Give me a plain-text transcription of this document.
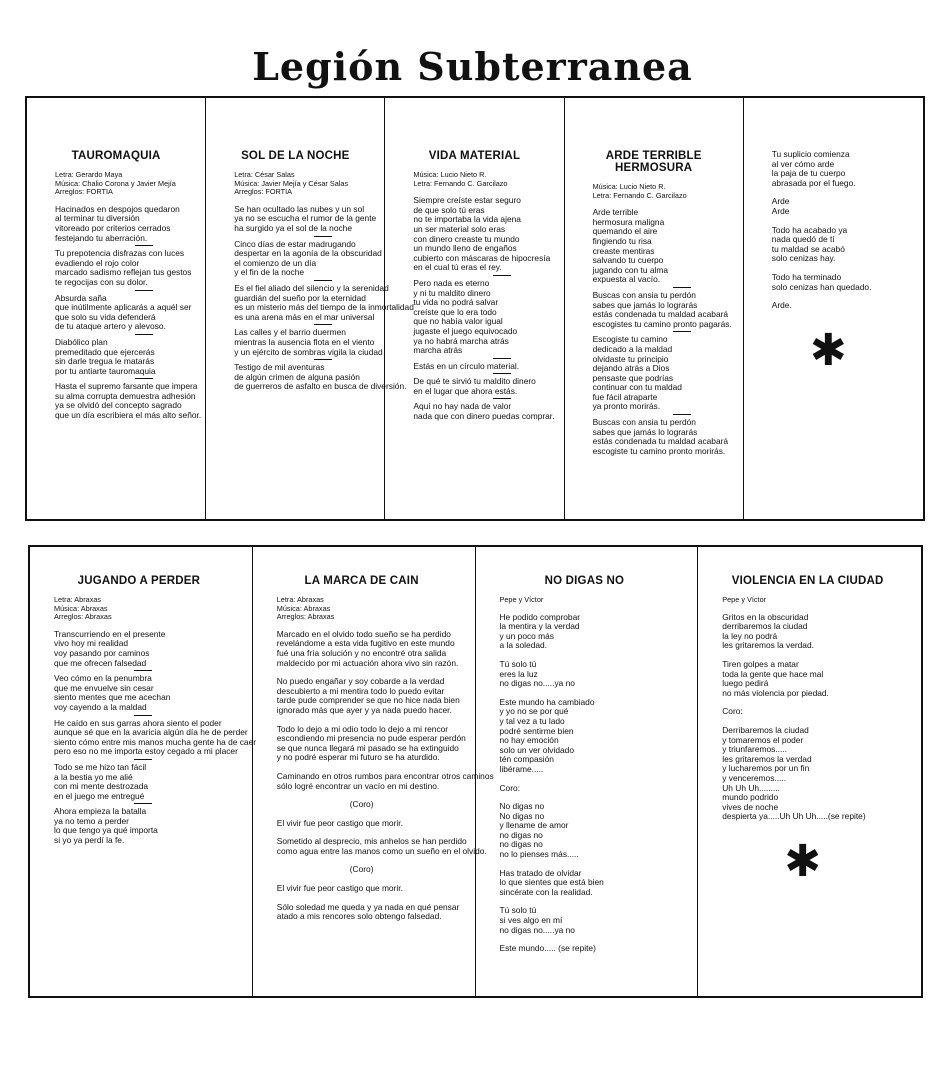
Legión Subterranea
TAUROMAQUIA
Letra: Gerardo Maya
Música: Chalio Corona y Javier Mejía
Arreglos: FORTIA
Hacinados en despojos quedaron
al terminar tu diversión
vitoreado por criterios cerrados
festejando tu aberración.
Tu prepotencia disfrazas con luces
evadiendo el rojo color
marcado sadismo reflejan tus gestos
te regocijas con su dolor.
Absurda saña
que inútilmente aplicarás a aquél ser
que solo su vida defenderá
de tu ataque artero y alevoso.
Diabólico plan
premeditado que ejercerás
sin darle tregua le matarás
por tu antiarte tauromaquia
Hasta el supremo farsante que impera
su alma corrupta demuestra adhesión
ya se olvidó del concepto sagrado
que un día escribiera el más alto señor.
SOL DE LA NOCHE
Letra: César Salas
Música: Javier Mejía y César Salas
Arreglos: FORTIA
Se han ocultado las nubes y un sol
ya no se escucha el rumor de la gente
ha surgido ya el sol de la noche
Cinco días de estar madrugando
despertar en la agonía de la obscuridad
el comienzo de un día
y el fin de la noche
Es el fiel aliado del silencio y la serenidad
guardián del sueño por la eternidad
es un misterio más del tiempo de la inmortalidad
es una arena más en el mar universal
Las calles y el barrio duermen
mientras la ausencia flota en el viento
y un ejército de sombras vigila la ciudad
Testigo de mil aventuras
de algún crimen de alguna pasión
de guerreros de asfalto en busca de diversión.
VIDA MATERIAL
Música: Lucio Nieto R.
Letra: Fernando C. Garcilazo
Siempre creíste estar seguro
de que solo tú eras
no te importaba la vida ajena
un ser material solo eras
con dinero creaste tu mundo
un mundo lleno de engaños
cubierto con máscaras de hipocresía
en el cual tú eras el rey.
Pero nada es eterno
y ni tu maldito dinero
tu vida no podrá salvar
creíste que lo era todo
que no había valor igual
jugaste el juego equivocado
ya no habrá marcha atrás
marcha atrás
Estás en un círculo material.
De qué te sirvió tu maldito dinero
en el lugar que ahora estás.
Aquí no hay nada de valor
nada que con dinero puedas comprar.
ARDE TERRIBLE HERMOSURA
Música: Lucio Nieto R.
Letra: Fernando C. Garcilazo
Arde terrible
hermosura maligna
quemando el aire
fingiendo tu risa
creaste mentiras
salvando tu cuerpo
jugando con tu alma
expuesta al vacío.
Buscas con ansia tu perdón
sabes que jamás lo lograrás
estás condenada tu maldad acabará
escogistes tu camino pronto pagarás.
Escogiste tu camino
dedicado a la maldad
olvidaste tu principio
dejando atrás a Dios
pensaste que podrías
continuar con tu maldad
fue fácil atraparte
ya pronto morirás.
Buscas con ansia tu perdón
sabes que jamás lo lograrás
estás condenada tu maldad acabará
escogiste tu camino pronto morirás.
Tu suplicio comienza
al ver cómo arde
la paja de tu cuerpo
abrasada por el fuego.
Arde
Arde
Todo ha acabado ya
nada quedó de tí
tu maldad se acabó
solo cenizas hay.
Todo ha terminado
solo cenizas han quedado.
Arde.
✱
JUGANDO A PERDER
Letra: Abraxas
Música: Abraxas
Arreglos: Abraxas
Transcurriendo en el presente
vivo hoy mi realidad
voy pasando por caminos
que me ofrecen falsedad
Veo cómo en la penumbra
que me envuelve sin cesar
siento mentes que me acechan
voy cayendo a la maldad
He caído en sus garras ahora siento el poder
aunque sé que en la avaricia algún día he de perder
siento cómo entre mis manos mucha gente ha de caer
pero eso no me importa estoy cegado a mi placer
Todo se me hizo tan fácil
a la bestia yo me alié
con mi mente destrozada
en el juego me entregué
Ahora empieza la batalla
ya no temo a perder
lo que tengo ya qué importa
si yo ya perdí la fe.
LA MARCA DE CAIN
Letra: Abraxas
Música: Abraxas
Arreglos: Abraxas
Marcado en el olvido todo sueño se ha perdido
revelándome a esta vida fugitivo en este mundo
fué una fría solución y no encontré otra salida
maldecido por mi actuación ahora vivo sin razón.
No puedo engañar y soy cobarde a la verdad
descubierto a mi mentira todo lo puedo evitar
tarde pude comprender se que no hice nada bien
ignorado más que ayer y ya nada puedo hacer.
Todo lo dejo a mi odio todo lo dejo a mi rencor
escondiendo mi presencia no pude esperar perdón
se que nunca llegará mi pasado se ha extinguido
y no podré esperar mi futuro se ha aturdido.
Caminando en otros rumbos para encontrar otros caminos
sólo logré encontrar un vacío en mi destino.
(Coro)
El vivir fue peor castigo que morir.
Sometido al desprecio, mis anhelos se han perdido
como agua entre las manos como un sueño en el olvido.
(Coro)
El vivir fue peor castigo que morir.
Sólo soledad me queda y ya nada en qué pensar
atado a mis rencores solo obtengo falsedad.
NO DIGAS NO
Pepe y Víctor
He podido comprobar
la mentira y la verdad
y un poco más
a la soledad.
Tú solo tú
eres la luz
no digas no.....ya no
Este mundo ha cambiado
y yo no se por qué
y tal vez a tu lado
podré sentirme bien
no hay emoción
solo un ver olvidado
tén compasión
libérame.....
Coro:
No digas no
No digas no
y llename de amor
no digas no
no digas no
no lo pienses más.....
Has tratado de olvidar
lo que sientes que está bien
sincérate con la realidad.
Tú solo tú
si ves algo en mí
no digas no.....ya no
Este mundo..... (se repite)
VIOLENCIA EN LA CIUDAD
Pepe y Víctor
Gritos en la obscuridad
derribaremos la ciudad
la ley no podrá
les gritaremos la verdad.
Tiren golpes a matar
toda la gente que hace mal
luego pedirá
no más violencia por piedad.
Coro:
Derribaremos la ciudad
y tomaremos el poder
y triunfaremos.....
les gritaremos la verdad
y lucharemos por un fin
y venceremos.....
Uh Uh Uh.........
mundo podrido
vives de noche
despierta ya.....Uh Uh Uh.....(se repite)
✱
